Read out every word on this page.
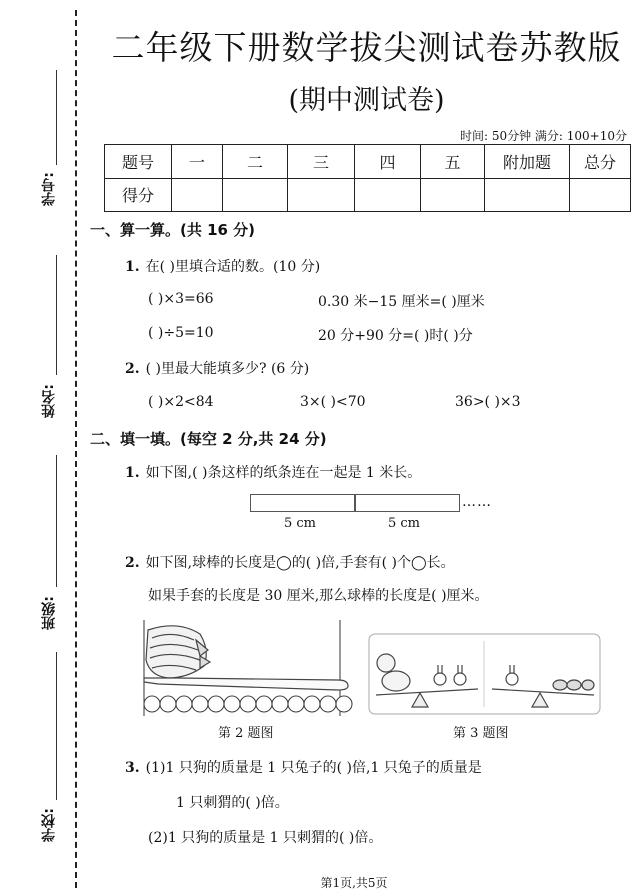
学号:
姓名:
班级:
学校:
二年级下册数学拔尖测试卷苏教版
(期中测试卷)
时间: 50分钟 满分: 100+10分
题号	一	二	三	四	五	附加题	总分
得分							
一、算一算。(共 16 分)
1. 在( )里填合适的数。(10 分)
( )×3=66	0.30 米−15 厘米=( )厘米
( )÷5=10	20 分+90 分=( )时( )分
2. ( )里最大能填多少? (6 分)
( )×2<84	3×( )<70	36>( )×3
二、填一填。(每空 2 分,共 24 分)
1. 如下图,( )条这样的纸条连在一起是 1 米长。
……
5 cm	5 cm
2. 如下图,球棒的长度是◯的( )倍,手套有( )个◯长。
如果手套的长度是 30 厘米,那么球棒的长度是( )厘米。
第 2 题图	第 3 题图
3. (1)1 只狗的质量是 1 只兔子的( )倍,1 只兔子的质量是
1 只刺猬的( )倍。
(2)1 只狗的质量是 1 只刺猬的( )倍。
第1页,共5页
